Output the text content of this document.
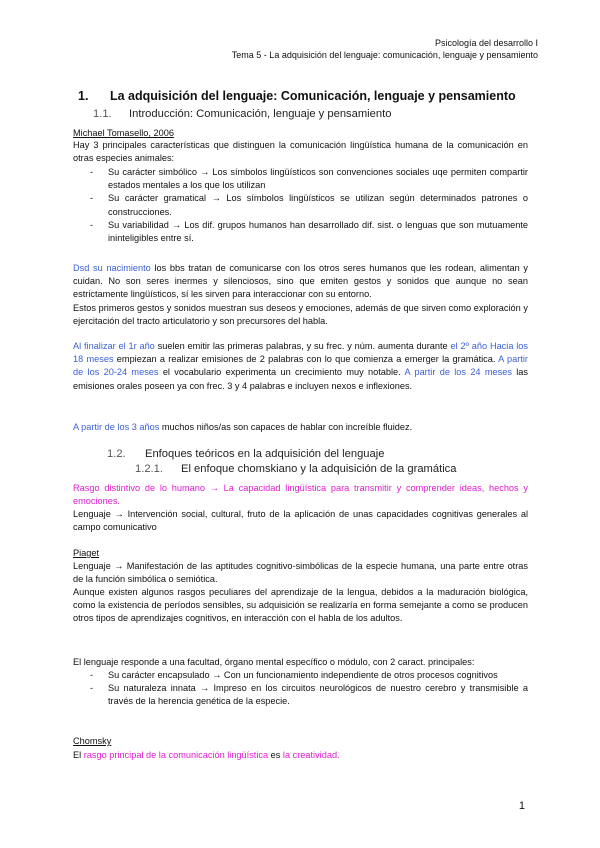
Psicología del desarrollo I
Tema 5 - La adquisición del lenguaje: comunicación, lenguaje y pensamiento
1. La adquisición del lenguaje: Comunicación, lenguaje y pensamiento
1.1. Introducción: Comunicación, lenguaje y pensamiento
Michael Tomasello, 2006
Hay 3 principales características que distinguen la comunicación lingüística humana de la comunicación en otras especies animales:
- Su carácter simbólico → Los símbolos lingüísticos son convenciones sociales uqe permiten compartir estados mentales a los que los utilizan
- Su carácter gramatical → Los símbolos lingüísticos se utilizan según determinados patrones o construcciones.
- Su variabilidad → Los dif. grupos humanos han desarrollado dif. sist. o lenguas que son mutuamente ininteligibles entre sí.
Dsd su nacimiento los bbs tratan de comunicarse con los otros seres humanos que les rodean, alimentan y cuidan. No son seres inermes y silenciosos, sino que emiten gestos y sonidos que aunque no sean estrictamente lingüísticos, sí les sirven para interaccionar con su entorno.
Estos primeros gestos y sonidos muestran sus deseos y emociones, además de que sirven como exploración y ejercitación del tracto articulatorio y son precursores del habla.
Al finalizar el 1r año suelen emitir las primeras palabras, y su frec. y núm. aumenta durante el 2º año Hacia los 18 meses empiezan a realizar emisiones de 2 palabras con lo que comienza a emerger la gramática. A partir de los 20-24 meses el vocabulario experimenta un crecimiento muy notable. A partir de los 24 meses las emisiones orales poseen ya con frec. 3 y 4 palabras e incluyen nexos e inflexiones.
A partir de los 3 años muchos niños/as son capaces de hablar con increíble fluidez.
1.2. Enfoques teóricos en la adquisición del lenguaje
1.2.1. El enfoque chomskiano y la adquisición de la gramática
Rasgo distintivo de lo humano → La capacidad lingüística para transmitir y comprender ideas, hechos y emociones.
Lenguaje → Intervención social, cultural, fruto de la aplicación de unas capacidades cognitivas generales al campo comunicativo
Piaget
Lenguaje → Manifestación de las aptitudes cognitivo-simbólicas de la especie humana, una parte entre otras de la función simbólica o semiótica.
Aunque existen algunos rasgos peculiares del aprendizaje de la lengua, debidos a la maduración biológica, como la existencia de períodos sensibles, su adquisición se realizaría en forma semejante a como se producen otros tipos de aprendizajes cognitivos, en interacción con el habla de los adultos.
El lenguaje responde a una facultad, órgano mental específico o módulo, con 2 caract. principales:
- Su carácter encapsulado → Con un funcionamiento independiente de otros procesos cognitivos
- Su naturaleza innata → Impreso en los circuitos neurológicos de nuestro cerebro y transmisible a través de la herencia genética de la especie.
Chomsky
El rasgo principal de la comunicación lingüística es la creatividad.
1
